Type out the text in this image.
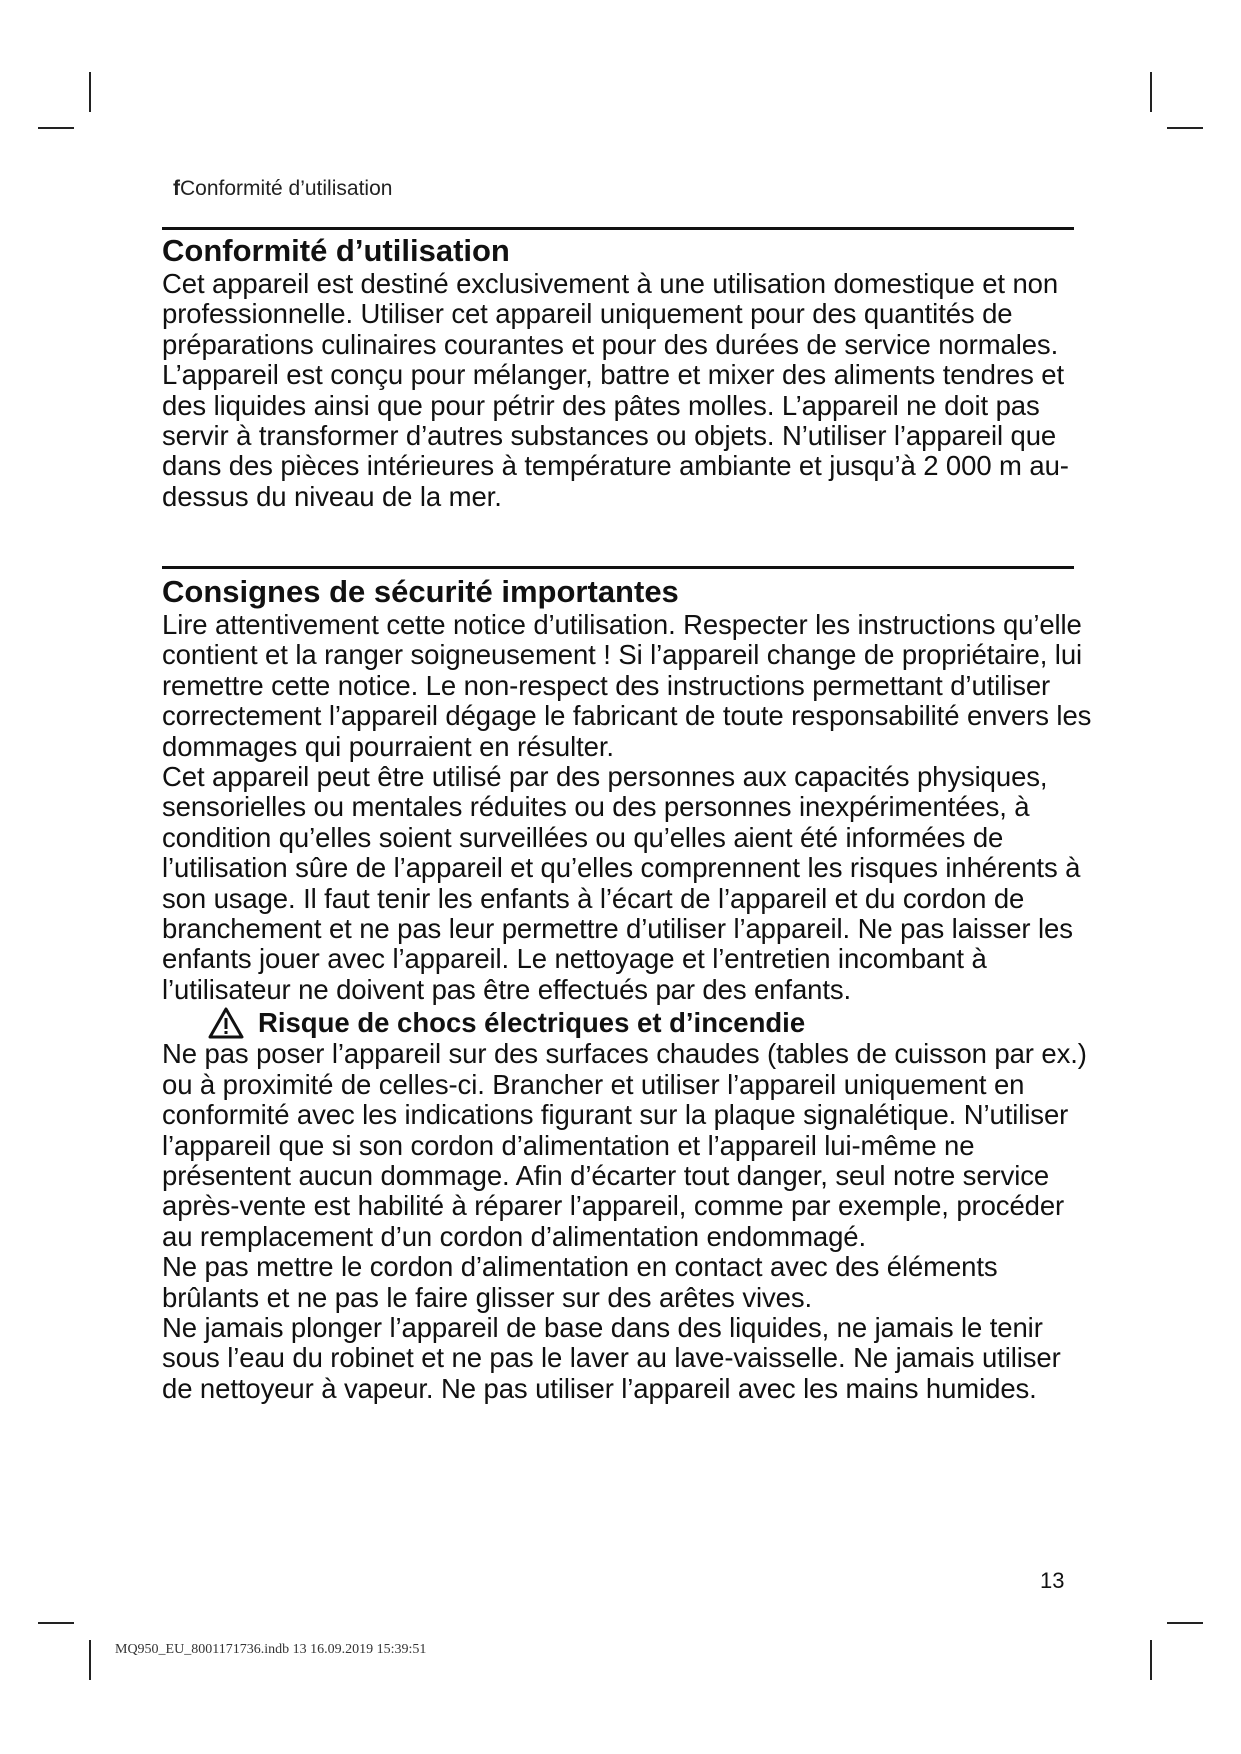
fConformité d’utilisation
Conformité d’utilisation

Cet appareil est destiné exclusivement à une utilisation domestique et non professionnelle. Utiliser cet appareil uniquement pour des quantités de préparations culinaires courantes et pour des durées de service normales. L’appareil est conçu pour mélanger, battre et mixer des aliments tendres et des liquides ainsi que pour pétrir des pâtes molles. L’appareil ne doit pas servir à transformer d’autres substances ou objets. N’utiliser l’appareil que dans des pièces intérieures à température ambiante et jusqu’à 2 000 m au-dessus du niveau de la mer.

Consignes de sécurité importantes

Lire attentivement cette notice d’utilisation. Respecter les instructions qu’elle contient et la ranger soigneusement ! Si l’appareil change de propriétaire, lui remettre cette notice. Le non-respect des instructions permettant d’utiliser correctement l’appareil dégage le fabricant de toute responsabilité envers les dommages qui pourraient en résulter.

Cet appareil peut être utilisé par des personnes aux capacités physiques, sensorielles ou mentales réduites ou des personnes inexpérimentées, à condition qu’elles soient surveillées ou qu’elles aient été informées de l’utilisation sûre de l’appareil et qu’elles comprennent les risques inhérents à son usage. Il faut tenir les enfants à l’écart de l’appareil et du cordon de branchement et ne pas leur permettre d’utiliser l’appareil. Ne pas laisser les enfants jouer avec l’appareil. Le nettoyage et l’entretien incombant à l’utilisateur ne doivent pas être effectués par des enfants.

Risque de chocs électriques et d’incendie

Ne pas poser l’appareil sur des surfaces chaudes (tables de cuisson par ex.) ou à proximité de celles-ci. Brancher et utiliser l’appareil uniquement en conformité avec les indications figurant sur la plaque signalétique. N’utiliser l’appareil que si son cordon d’alimentation et l’appareil lui-même ne présentent aucun dommage. Afin d’écarter tout danger, seul notre service après-vente est habilité à réparer l’appareil, comme par exemple, procéder au remplacement d’un cordon d’alimentation endommagé.

Ne pas mettre le cordon d’alimentation en contact avec des éléments brûlants et ne pas le faire glisser sur des arêtes vives.

Ne jamais plonger l’appareil de base dans des liquides, ne jamais le tenir sous l’eau du robinet et ne pas le laver au lave-vaisselle. Ne jamais utiliser de nettoyeur à vapeur. Ne pas utiliser l’appareil avec les mains humides.

13
MQ950_EU_8001171736.indb 13 16.09.2019 15:39:51
